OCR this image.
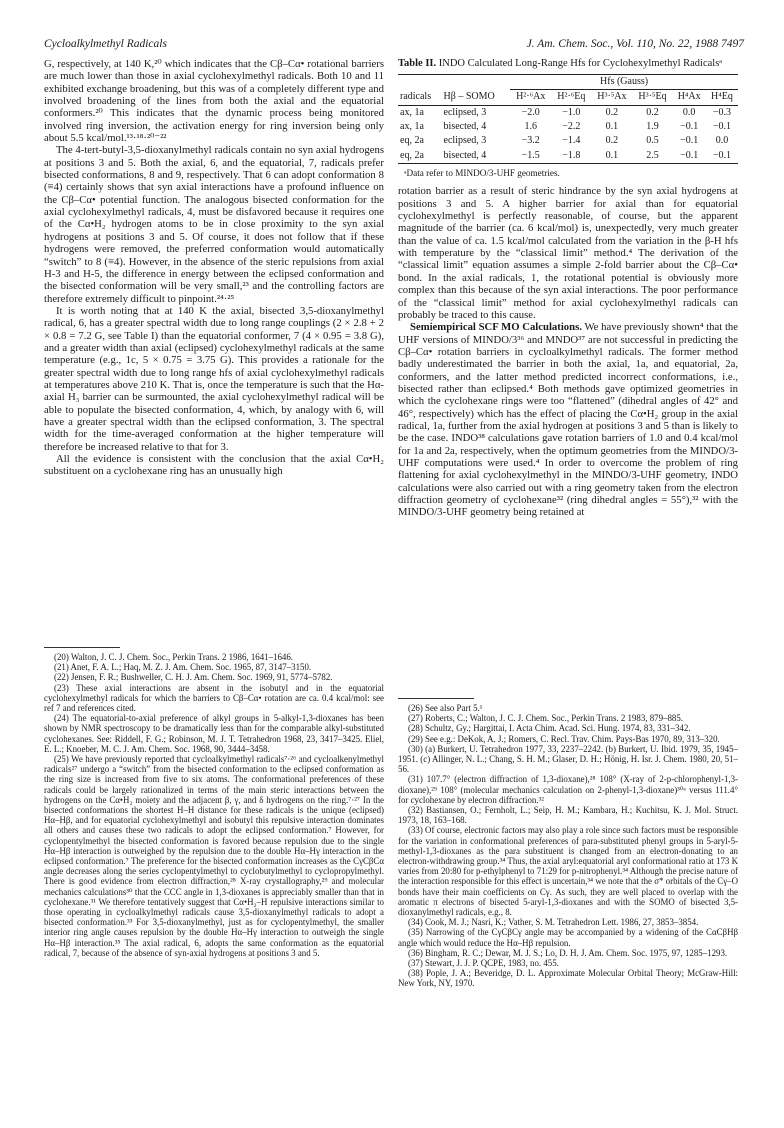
Cycloalkylmethyl Radicals	J. Am. Chem. Soc., Vol. 110, No. 22, 1988 7497

G, respectively, at 140 K,²⁰ which indicates that the Cβ–Cα• rotational barriers are much lower than those in axial cyclohexylmethyl radicals. Both 10 and 11 exhibited exchange broadening, but this was of a completely different type and involved broadening of the lines from both the axial and the equatorial conformers.²⁰ This indicates that the dynamic process being monitored involved ring inversion, the activation energy for ring inversion being only about 5.5 kcal/mol.¹³·¹⁸·²⁰⁻²²

The 4-tert-butyl-3,5-dioxanylmethyl radicals contain no syn axial hydrogens at positions 3 and 5. Both the axial, 6, and the equatorial, 7, radicals prefer bisected conformations, 8 and 9, respectively. That 6 can adopt conformation 8 (≡4) certainly shows that syn axial interactions have a profound influence on the Cβ–Cα• potential function. The analogous bisected conformation for the axial cyclohexylmethyl radicals, 4, must be disfavored because it requires one of the Cα•H₂ hydrogen atoms to be in close proximity to the syn axial hydrogens at positions 3 and 5. Of course, it does not follow that if these hydrogens were removed, the preferred conformation would automatically “switch” to 8 (≡4). However, in the absence of the steric repulsions from axial H-3 and H-5, the difference in energy between the eclipsed conformation and the bisected conformation will be very small,²³ and the controlling factors are therefore extremely difficult to pinpoint.²⁴·²⁵

It is worth noting that at 140 K the axial, bisected 3,5-dioxanylmethyl radical, 6, has a greater spectral width due to long range couplings (2 × 2.8 + 2 × 0.8 = 7.2 G, see Table I) than the equatorial conformer, 7 (4 × 0.95 = 3.8 G), and a greater width than axial (eclipsed) cyclohexylmethyl radicals at the same temperature (e.g., 1c, 5 × 0.75 = 3.75 G). This provides a rationale for the greater spectral width due to long range hfs of axial cyclohexylmethyl radicals at temperatures above 210 K. That is, once the temperature is such that the Hα-axial H₃ barrier can be surmounted, the axial cyclohexylmethyl radical will be able to populate the bisected conformation, 4, which, by analogy with 6, will have a greater spectral width than the eclipsed conformation, 3. The spectral width for the time-averaged conformation at the higher temperature will therefore be increased relative to that for 3.

All the evidence is consistent with the conclusion that the axial Cα•H₂ substituent on a cyclohexane ring has an unusually high

Table II. INDO Calculated Long-Range Hfs for Cyclohexylmethyl Radicalsᵃ
		Hfs (Gauss)					
radicals	Hβ – SOMO	H²·⁶Ax	H²·⁶Eq	H³·⁵Ax	H³·⁵Eq	H⁴Ax	H⁴Eq
ax, 1a	eclipsed, 3	−2.0	−1.0	0.2	0.2	0.0	−0.3
ax, 1a	bisected, 4	1.6	−2.2	0.1	1.9	−0.1	−0.1
eq, 2a	eclipsed, 3	−3.2	−1.4	0.2	0.5	−0.1	0.0
eq, 2a	bisected, 4	−1.5	−1.8	0.1	2.5	−0.1	−0.1
ᵃData refer to MINDO/3-UHF geometries.

rotation barrier as a result of steric hindrance by the syn axial hydrogens at positions 3 and 5. A higher barrier for axial than for equatorial cyclohexylmethyl is perfectly reasonable, of course, but the apparent magnitude of the barrier (ca. 6 kcal/mol) is, unexpectedly, very much greater than the value of ca. 1.5 kcal/mol calculated from the variation in the β-H hfs with temperature by the “classical limit” method.⁴ The derivation of the “classical limit” equation assumes a simple 2-fold barrier about the Cβ–Cα• bond. In the axial radicals, 1, the rotational potential is obviously more complex than this because of the syn axial interactions. The poor performance of the “classical limit” method for axial cyclohexylmethyl radicals can probably be traced to this cause.

Semiempirical SCF MO Calculations. We have previously shown⁴ that the UHF versions of MINDO/3³⁶ and MNDO³⁷ are not successful in predicting the Cβ–Cα• rotation barriers in cycloalkylmethyl radicals. The former method badly underestimated the barrier in both the axial, 1a, and equatorial, 2a, conformers, and the latter method predicted incorrect conformations, i.e., bisected rather than eclipsed.⁴ Both methods gave optimized geometries in which the cyclohexane rings were too “flattened” (dihedral angles of 42° and 46°, respectively) which has the effect of placing the Cα•H₂ group in the axial radical, 1a, further from the axial hydrogen at positions 3 and 5 than is likely to be the case. INDO³⁸ calculations gave rotation barriers of 1.0 and 0.4 kcal/mol for 1a and 2a, respectively, when the optimum geometries from the MINDO/3-UHF computations were used.⁴ In order to overcome the problem of ring flattening for axial cyclohexylmethyl in the MINDO/3-UHF geometry, INDO calculations were also carried out with a ring geometry taken from the electron diffraction geometry of cyclohexane³² (ring dihedral angles = 55°),³² with the MINDO/3-UHF geometry being retained at

(20) Walton, J. C. J. Chem. Soc., Perkin Trans. 2 1986, 1641–1646.

(21) Anet, F. A. L.; Haq, M. Z. J. Am. Chem. Soc. 1965, 87, 3147–3150.

(22) Jensen, F. R.; Bushweller, C. H. J. Am. Chem. Soc. 1969, 91, 5774–5782.

(23) These axial interactions are absent in the isobutyl and in the equatorial cyclohexylmethyl radicals for which the barriers to Cβ–Cα• rotation are ca. 0.4 kcal/mol: see ref 7 and references cited.

(24) The equatorial-to-axial preference of alkyl groups in 5-alkyl-1,3-dioxanes has been shown by NMR spectroscopy to be dramatically less than for the comparable alkyl-substituted cyclohexanes. See: Riddell, F. G.; Robinson, M. J. T. Tetrahedron 1968, 23, 3417–3425. Eliel, E. L.; Knoeber, M. C. J. Am. Chem. Soc. 1968, 90, 3444–3458.

(25) We have previously reported that cycloalkylmethyl radicals⁷·²⁶ and cycloalkenylmethyl radicals²⁷ undergo a “switch” from the bisected conformation to the eclipsed conformation as the ring size is increased from five to six atoms. The conformational preferences of these radicals could be largely rationalized in terms of the main steric interactions between the hydrogens on the Cα•H₂ moiety and the adjacent β, γ, and δ hydrogens on the ring.⁷·²⁷ In the bisected conformations the shortest H–H distance for these radicals is the unique (eclipsed) Hα–Hβ, and for equatorial cyclohexylmethyl and isobutyl this repulsive interaction dominates all others and causes these two radicals to adopt the eclipsed conformation.⁷ However, for cyclopentylmethyl the bisected conformation is favored because repulsion due to the single Hα–Hβ interaction is outweighed by the repulsion due to the double Hα–Hγ interaction in the eclipsed conformation.⁷ The preference for the bisected conformation increases as the CγCβCα angle decreases along the series cyclopentylmethyl to cyclobutylmethyl to cyclopropylmethyl. There is good evidence from electron diffraction,²⁸ X-ray crystallography,²⁹ and molecular mechanics calculations³⁰ that the CCC angle in 1,3-dioxanes is appreciably smaller than that in cyclohexane.³¹ We therefore tentatively suggest that Cα•H₂–H repulsive interactions similar to those operating in cycloalkylmethyl radicals cause 3,5-dioxanylmethyl radicals to adopt a bisected conformation.³³ For 3,5-dioxanylmethyl, just as for cyclopentylmethyl, the smaller interior ring angle causes repulsion by the double Hα–Hγ interaction to outweigh the single Hα–Hβ interaction.³⁵ The axial radical, 6, adopts the same conformation as the equatorial radical, 7, because of the absence of syn-axial hydrogens at positions 3 and 5.

(26) See also Part 5.¹

(27) Roberts, C.; Walton, J. C. J. Chem. Soc., Perkin Trans. 2 1983, 879–885.

(28) Schultz, Gy.; Hargittai, I. Acta Chim. Acad. Sci. Hung. 1974, 83, 331–342.

(29) See e.g.: DeKok, A. J.; Romers, C. Recl. Trav. Chim. Pays-Bas 1970, 89, 313–320.

(30) (a) Burkert, U. Tetrahedron 1977, 33, 2237–2242. (b) Burkert, U. Ibid. 1979, 35, 1945–1951. (c) Allinger, N. L.; Chang, S. H. M.; Glaser, D. H.; Hönig, H. Isr. J. Chem. 1980, 20, 51–56.

(31) 107.7° (electron diffraction of 1,3-dioxane),²⁸ 108° (X-ray of 2-p-chlorophenyl-1,3-dioxane),²⁹ 108° (molecular mechanics calculation on 2-phenyl-1,3-dioxane)³⁰ᵃ versus 111.4° for cyclohexane by electron diffraction.³²

(32) Bastiansen, O.; Fernholt, L.; Seip, H. M.; Kambara, H.; Kuchitsu, K. J. Mol. Struct. 1973, 18, 163–168.

(33) Of course, electronic factors may also play a role since such factors must be responsible for the variation in conformational preferences of para-substituted phenyl groups in 5-aryl-5-methyl-1,3-dioxanes as the para substituent is changed from an electron-donating to an electron-withdrawing group.³⁴ Thus, the axial aryl:equatorial aryl conformational ratio at 173 K varies from 20:80 for p-ethylphenyl to 71:29 for p-nitrophenyl.³⁴ Although the precise nature of the interaction responsible for this effect is uncertain,³⁴ we note that the σ* orbitals of the Cγ–O bonds have their main coefficients on Cγ. As such, they are well placed to overlap with the aromatic π electrons of bisected 5-aryl-1,3-dioxanes and with the SOMO of bisected 3,5-dioxanylmethyl radicals, e.g., 8.

(34) Cook, M. J.; Nasri, K.; Vather, S. M. Tetrahedron Lett. 1986, 27, 3853–3854.

(35) Narrowing of the CγCβCγ angle may be accompanied by a widening of the CαCβHβ angle which would reduce the Hα–Hβ repulsion.

(36) Bingham, R. C.; Dewar, M. J. S.; Lo, D. H. J. Am. Chem. Soc. 1975, 97, 1285–1293.

(37) Stewart, J. J. P. QCPE, 1983, no. 455.

(38) Pople, J. A.; Beveridge, D. L. Approximate Molecular Orbital Theory; McGraw-Hill: New York, NY, 1970.
